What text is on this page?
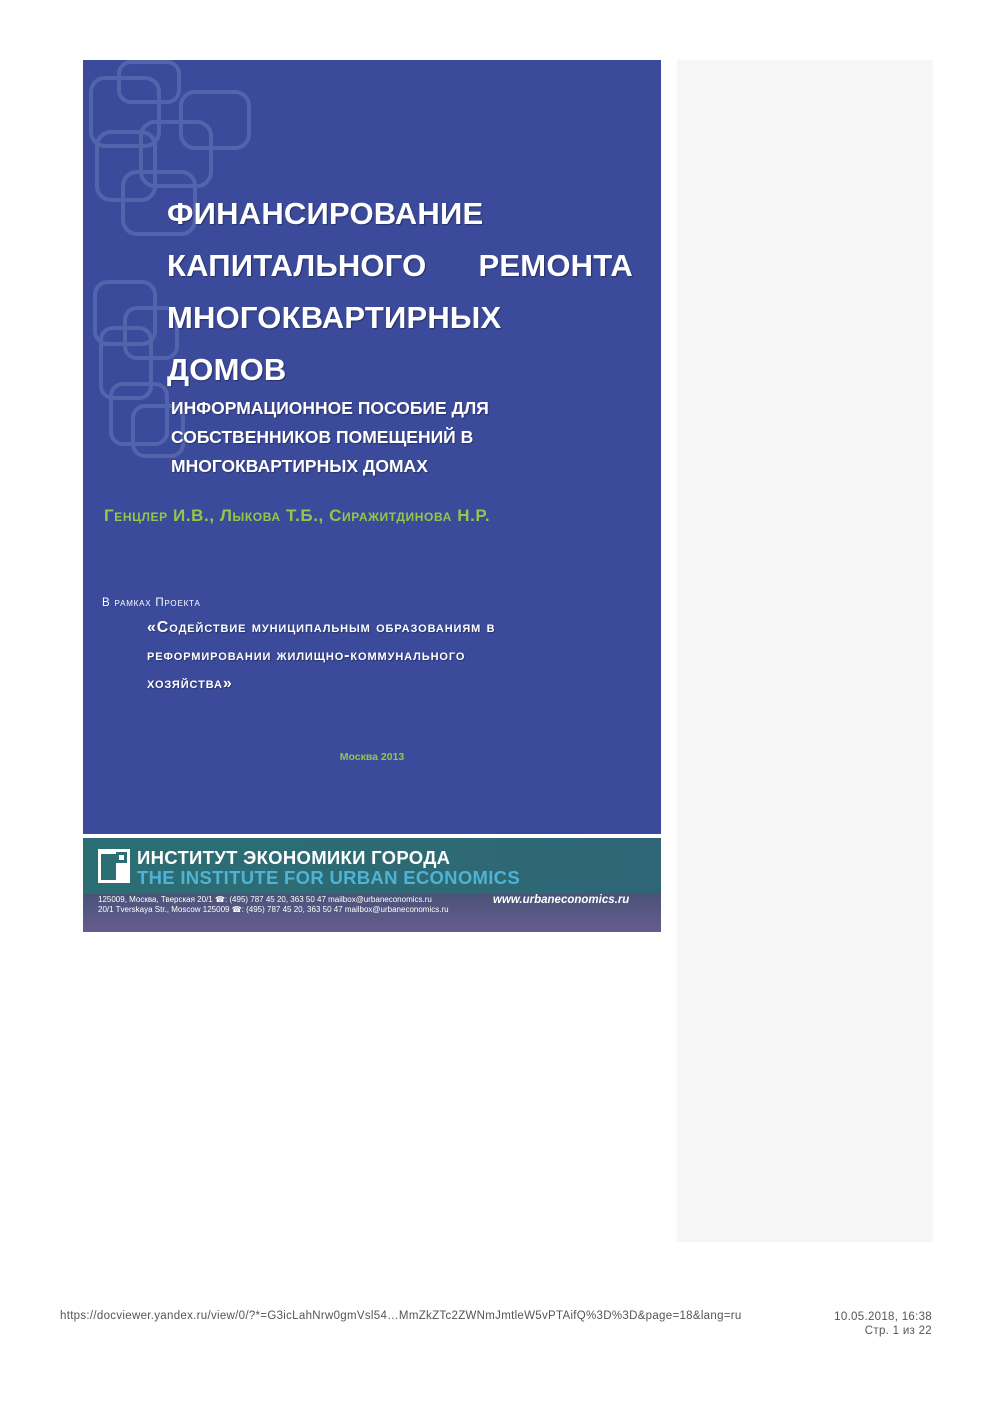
ФИНАНСИРОВАНИЕ
КАПИТАЛЬНОГО РЕМОНТА
МНОГОКВАРТИРНЫХ
ДОМОВ
ИНФОРМАЦИОННОЕ ПОСОБИЕ ДЛЯ
СОБСТВЕННИКОВ ПОМЕЩЕНИЙ В
МНОГОКВАРТИРНЫХ ДОМАХ
Генцлер И.В., Лыкова Т.Б., Сиражитдинова Н.Р.
В рамках Проекта
«Содействие муниципальным образованиям в
реформировании жилищно-коммунального
хозяйства»
Москва 2013
ИНСТИТУТ ЭКОНОМИКИ ГОРОДА
THE INSTITUTE FOR URBAN ECONOMICS
125009, Москва, Тверская 20/1 ☎: (495) 787 45 20, 363 50 47 mailbox@urbaneconomics.ru
20/1 Tverskaya Str., Moscow 125009 ☎: (495) 787 45 20, 363 50 47 mailbox@urbaneconomics.ru
www.urbaneconomics.ru
https://docviewer.yandex.ru/view/0/?*=G3icLahNrw0gmVsl54…MmZkZTc2ZWNmJmtleW5vPTAifQ%3D%3D&page=18&lang=ru	10.05.2018, 16:38
Стр. 1 из 22
